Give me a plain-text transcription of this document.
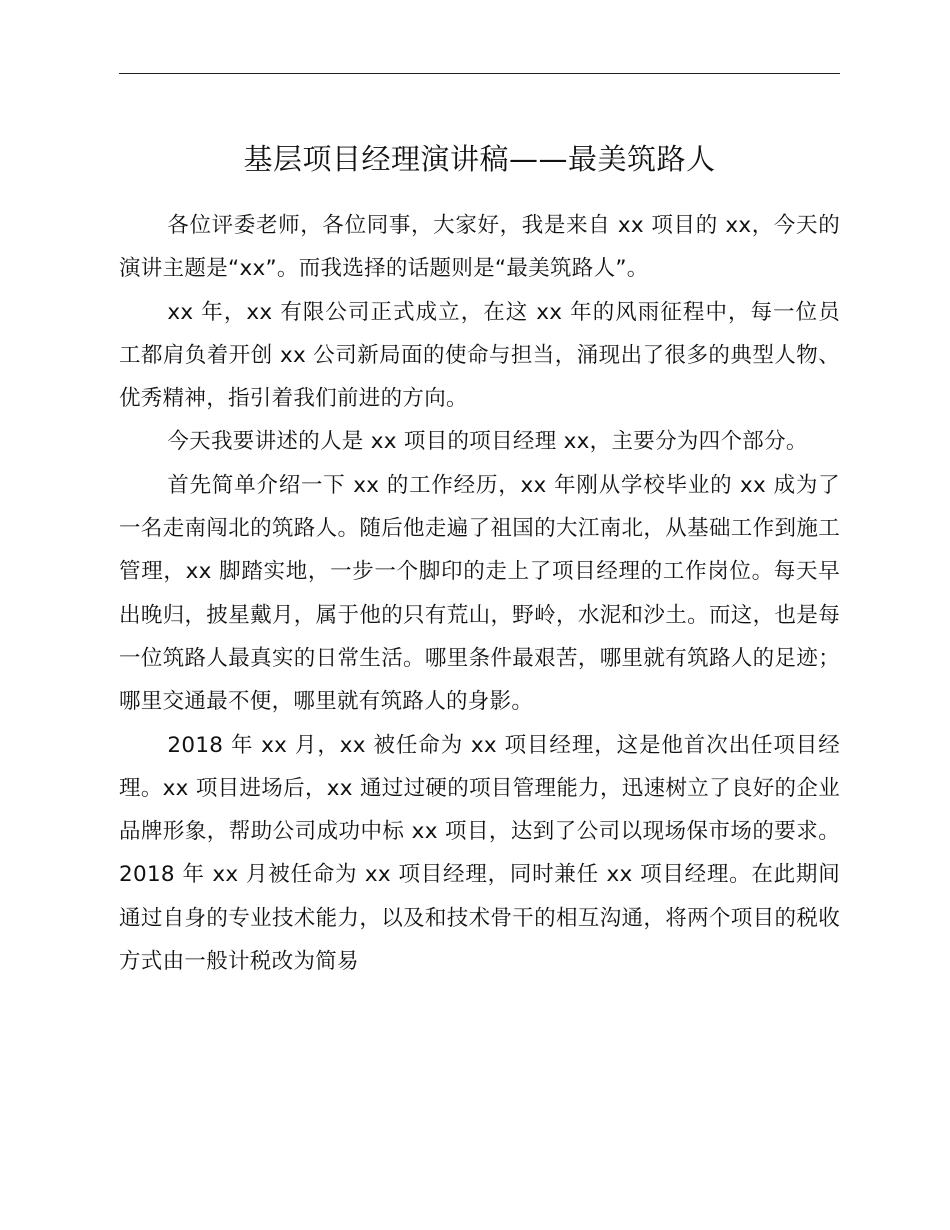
基层项目经理演讲稿——最美筑路人

各位评委老师，各位同事，大家好，我是来自 xx 项目的 xx，今天的演讲主题是“xx”。而我选择的话题则是“最美筑路人”。

xx 年，xx 有限公司正式成立，在这 xx 年的风雨征程中，每一位员工都肩负着开创 xx 公司新局面的使命与担当，涌现出了很多的典型人物、优秀精神，指引着我们前进的方向。

今天我要讲述的人是 xx 项目的项目经理 xx，主要分为四个部分。

首先简单介绍一下 xx 的工作经历，xx 年刚从学校毕业的 xx 成为了一名走南闯北的筑路人。随后他走遍了祖国的大江南北，从基础工作到施工管理，xx 脚踏实地，一步一个脚印的走上了项目经理的工作岗位。每天早出晚归，披星戴月，属于他的只有荒山，野岭，水泥和沙土。而这，也是每一位筑路人最真实的日常生活。哪里条件最艰苦，哪里就有筑路人的足迹；哪里交通最不便，哪里就有筑路人的身影。

2018 年 xx 月，xx 被任命为 xx 项目经理，这是他首次出任项目经理。xx 项目进场后，xx 通过过硬的项目管理能力，迅速树立了良好的企业品牌形象，帮助公司成功中标 xx 项目，达到了公司以现场保市场的要求。2018 年 xx 月被任命为 xx 项目经理，同时兼任 xx 项目经理。在此期间通过自身的专业技术能力，以及和技术骨干的相互沟通，将两个项目的税收方式由一般计税改为简易
